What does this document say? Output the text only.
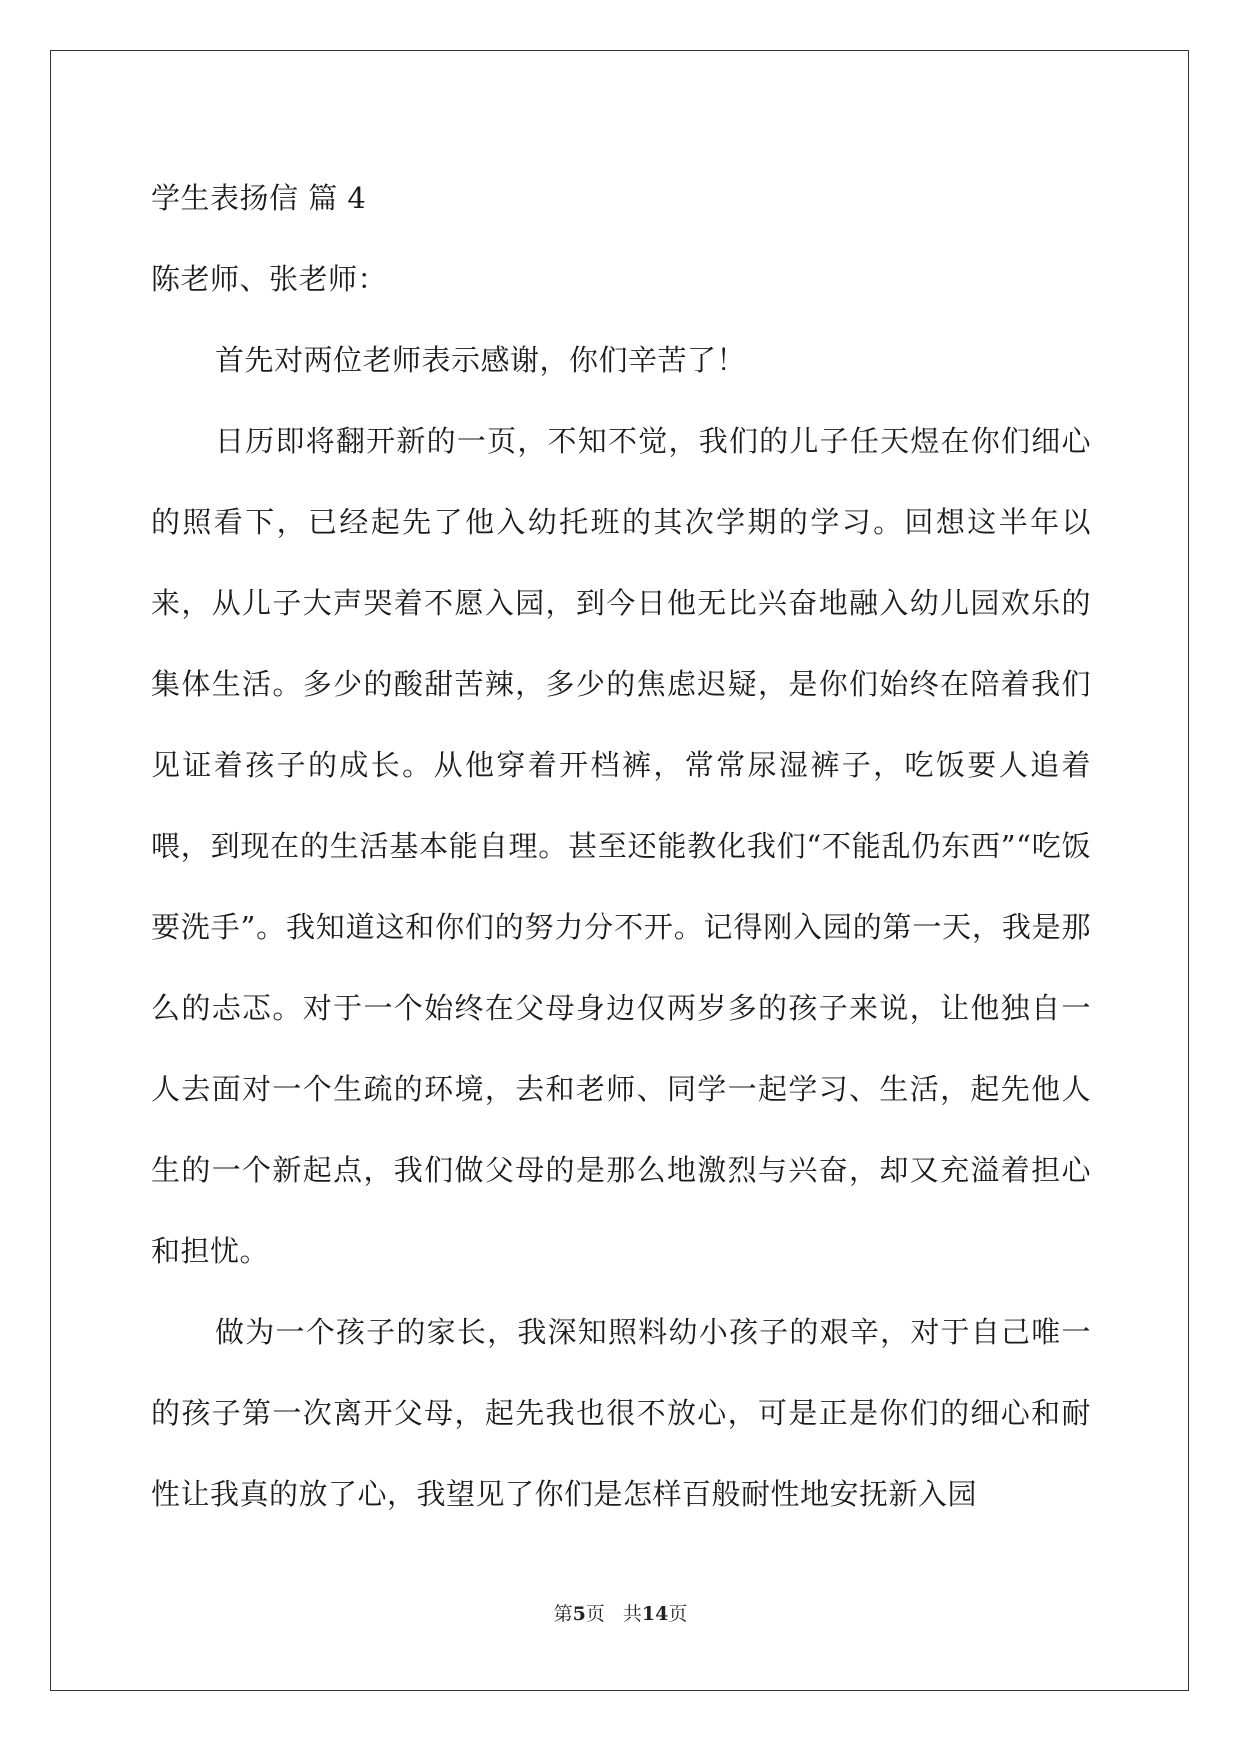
学生表扬信 篇 4

陈老师、张老师：

首先对两位老师表示感谢，你们辛苦了！

日历即将翻开新的一页，不知不觉，我们的儿子任天煜在你们细心的照看下，已经起先了他入幼托班的其次学期的学习。回想这半年以来，从儿子大声哭着不愿入园，到今日他无比兴奋地融入幼儿园欢乐的集体生活。多少的酸甜苦辣，多少的焦虑迟疑，是你们始终在陪着我们见证着孩子的成长。从他穿着开档裤，常常尿湿裤子，吃饭要人追着喂，到现在的生活基本能自理。甚至还能教化我们“不能乱仍东西”“吃饭要洗手”。我知道这和你们的努力分不开。记得刚入园的第一天，我是那么的忐忑。对于一个始终在父母身边仅两岁多的孩子来说，让他独自一人去面对一个生疏的环境，去和老师、同学一起学习、生活，起先他人生的一个新起点，我们做父母的是那么地激烈与兴奋，却又充溢着担心和担忧。

做为一个孩子的家长，我深知照料幼小孩子的艰辛，对于自己唯一的孩子第一次离开父母，起先我也很不放心，可是正是你们的细心和耐性让我真的放了心，我望见了你们是怎样百般耐性地安抚新入园

第5页 共14页
